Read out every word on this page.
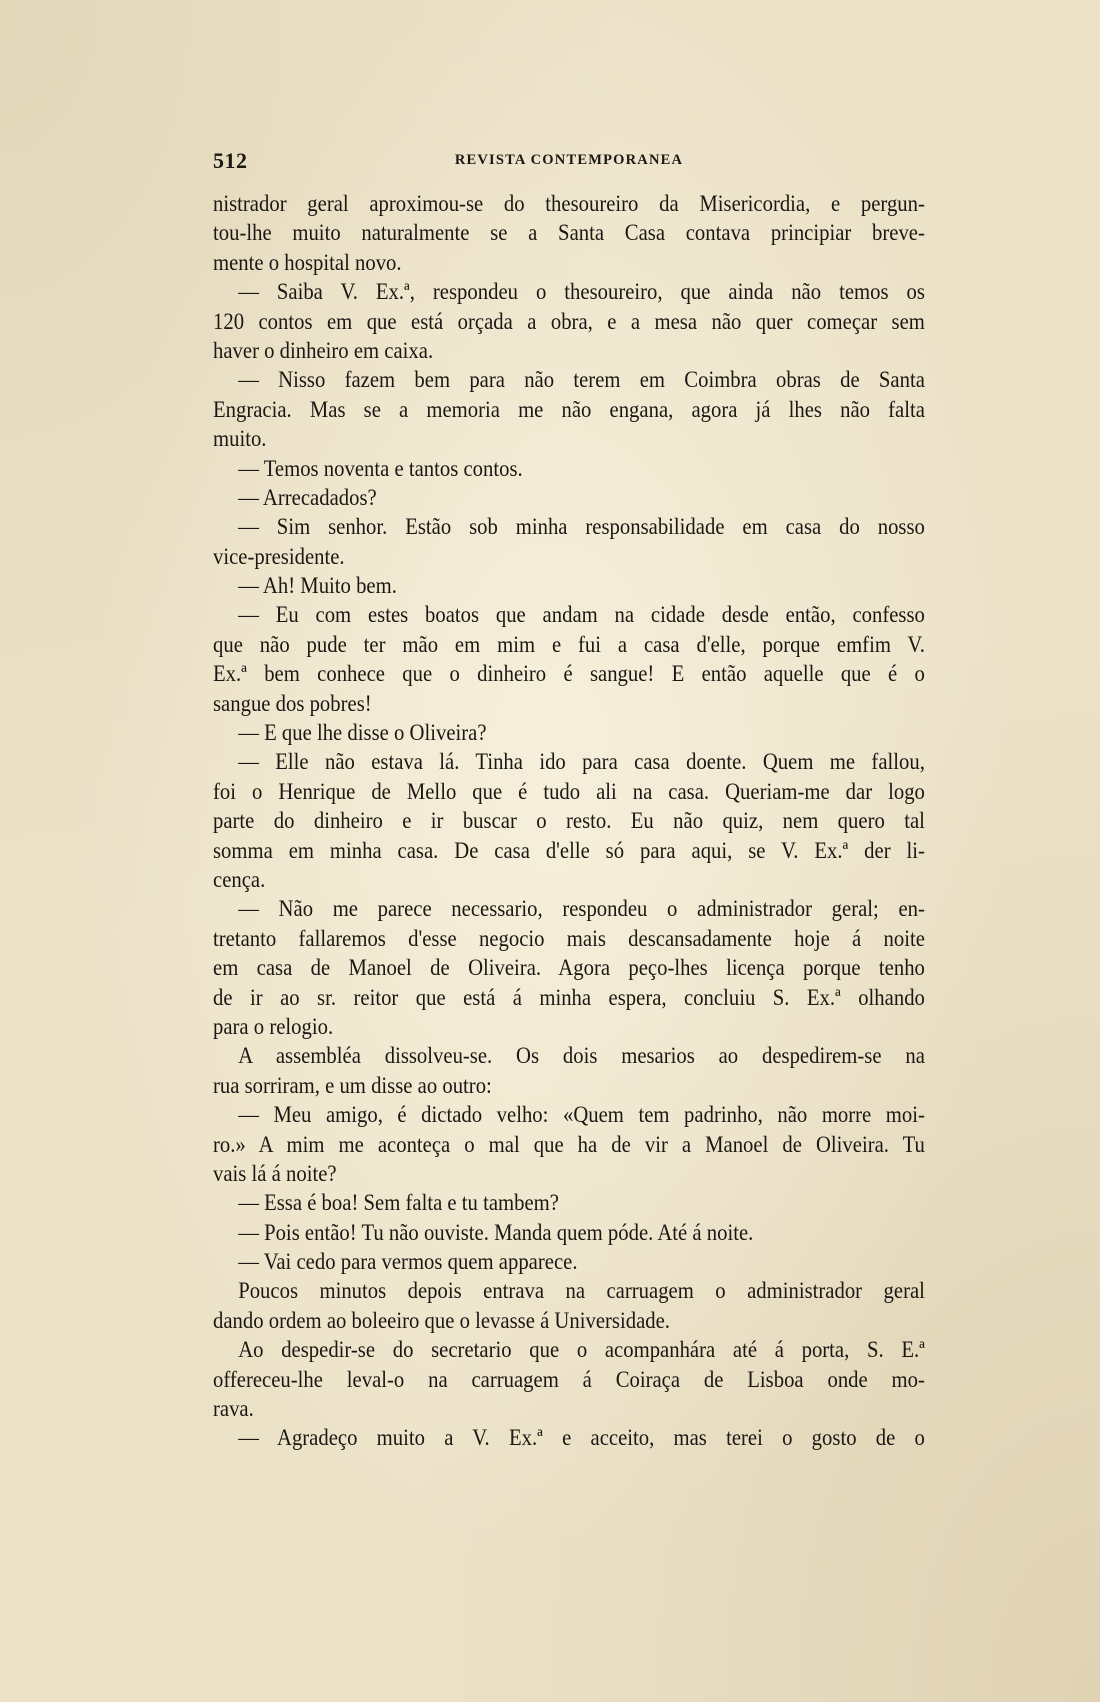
512	REVISTA CONTEMPORANEA
nistrador geral aproximou-se do thesoureiro da Misericordia, e pergun-
tou-lhe muito naturalmente se a Santa Casa contava principiar breve-
mente o hospital novo.
— Saiba V. Ex.ª, respondeu o thesoureiro, que ainda não temos os
120 contos em que está orçada a obra, e a mesa não quer começar sem
haver o dinheiro em caixa.
— Nisso fazem bem para não terem em Coimbra obras de Santa
Engracia. Mas se a memoria me não engana, agora já lhes não falta
muito.
— Temos noventa e tantos contos.
— Arrecadados?
— Sim senhor. Estão sob minha responsabilidade em casa do nosso
vice-presidente.
— Ah! Muito bem.
— Eu com estes boatos que andam na cidade desde então, confesso
que não pude ter mão em mim e fui a casa d'elle, porque emfim V.
Ex.ª bem conhece que o dinheiro é sangue! E então aquelle que é o
sangue dos pobres!
— E que lhe disse o Oliveira?
— Elle não estava lá. Tinha ido para casa doente. Quem me fallou,
foi o Henrique de Mello que é tudo ali na casa. Queriam-me dar logo
parte do dinheiro e ir buscar o resto. Eu não quiz, nem quero tal
somma em minha casa. De casa d'elle só para aqui, se V. Ex.ª der li-
cença.
— Não me parece necessario, respondeu o administrador geral; en-
tretanto fallaremos d'esse negocio mais descansadamente hoje á noite
em casa de Manoel de Oliveira. Agora peço-lhes licença porque tenho
de ir ao sr. reitor que está á minha espera, concluiu S. Ex.ª olhando
para o relogio.
A assembléa dissolveu-se. Os dois mesarios ao despedirem-se na
rua sorriram, e um disse ao outro:
— Meu amigo, é dictado velho: «Quem tem padrinho, não morre moi-
ro.» A mim me aconteça o mal que ha de vir a Manoel de Oliveira. Tu
vais lá á noite?
— Essa é boa! Sem falta e tu tambem?
— Pois então! Tu não ouviste. Manda quem póde. Até á noite.
— Vai cedo para vermos quem apparece.
Poucos minutos depois entrava na carruagem o administrador geral
dando ordem ao boleeiro que o levasse á Universidade.
Ao despedir-se do secretario que o acompanhára até á porta, S. E.ª
offereceu-lhe leval-o na carruagem á Coiraça de Lisboa onde mo-
rava.
— Agradeço muito a V. Ex.ª e acceito, mas terei o gosto de o
